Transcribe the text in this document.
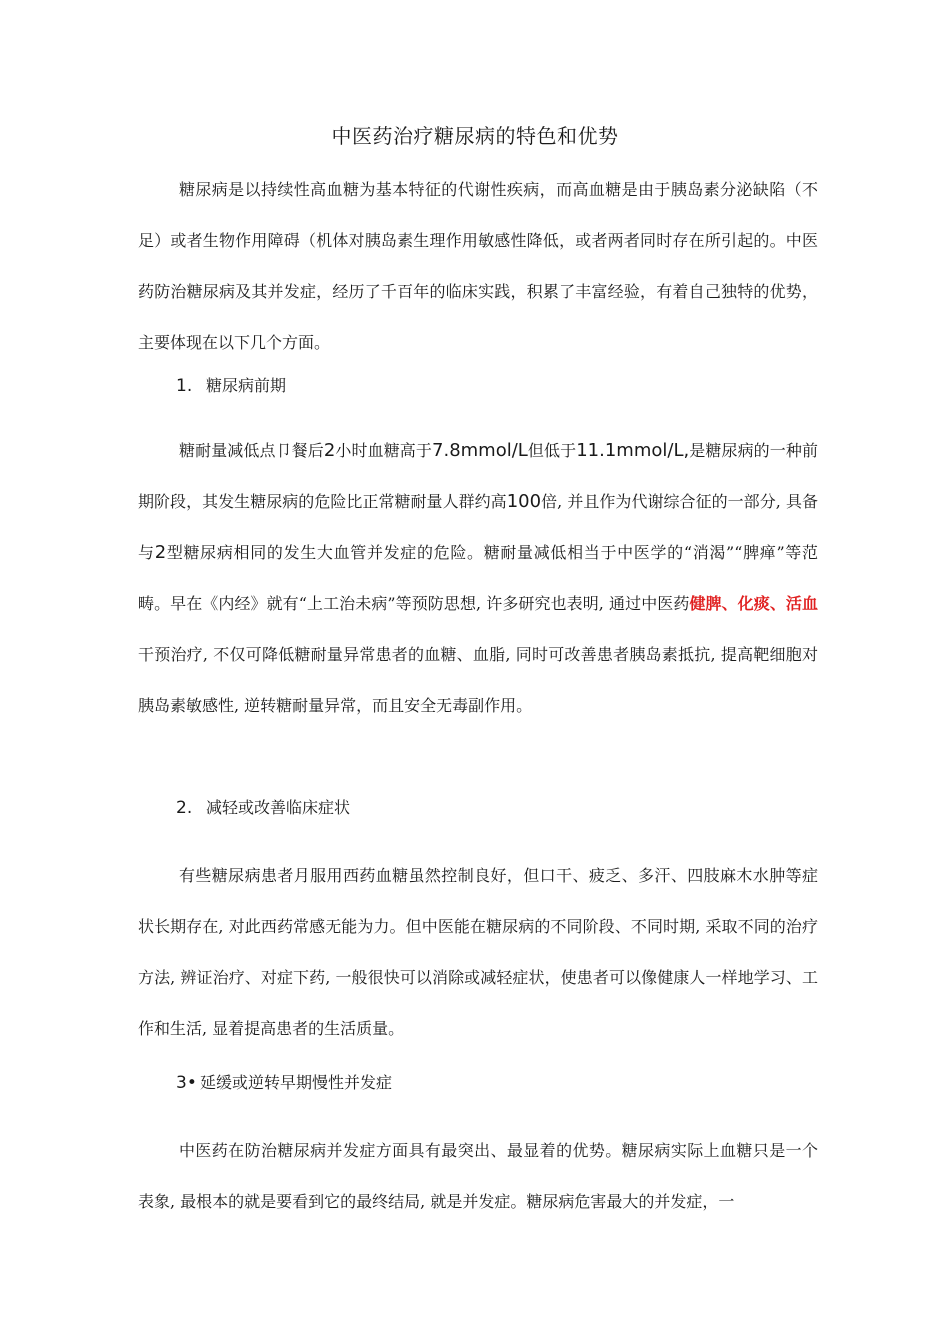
中医药治疗糖尿病的特色和优势

糖尿病是以持续性高血糖为基本特征的代谢性疾病，而高血糖是由于胰岛素分泌缺陷（不足）或者生物作用障碍（机体对胰岛素生理作用敏感性降低，或者两者同时存在所引起的。中医药防治糖尿病及其并发症，经历了千百年的临床实践，积累了丰富经验，有着自己独特的优势，主要体现在以下几个方面。

1. 糖尿病前期

糖耐量减低点卩餐后2小时血糖高于7.8mmol/L但低于11.1mmol/L,是糖尿病的一种前期阶段，其发生糖尿病的危险比正常糖耐量人群约高100倍, 并且作为代谢综合征的一部分, 具备与2型糖尿病相同的发生大血管并发症的危险。糖耐量减低相当于中医学的“消渴”“脾瘅”等范畴。早在《内经》就有“上工治未病”等预防思想, 许多研究也表明, 通过中医药健脾、化痰、活血干预治疗, 不仅可降低糖耐量异常患者的血糖、血脂, 同时可改善患者胰岛素抵抗, 提高靶细胞对胰岛素敏感性, 逆转糖耐量异常，而且安全无毒副作用。

2. 减轻或改善临床症状

有些糖尿病患者月服用西药血糖虽然控制良好，但口干、疲乏、多汗、四肢麻木水肿等症状长期存在, 对此西药常感无能为力。但中医能在糖尿病的不同阶段、不同时期, 采取不同的治疗方法, 辨证治疗、对症下药, 一般很快可以消除或减轻症状，使患者可以像健康人一样地学习、工作和生活, 显着提高患者的生活质量。

3• 延缓或逆转早期慢性并发症

中医药在防治糖尿病并发症方面具有最突出、最显着的优势。糖尿病实际上血糖只是一个表象, 最根本的就是要看到它的最终结局, 就是并发症。糖尿病危害最大的并发症，一
